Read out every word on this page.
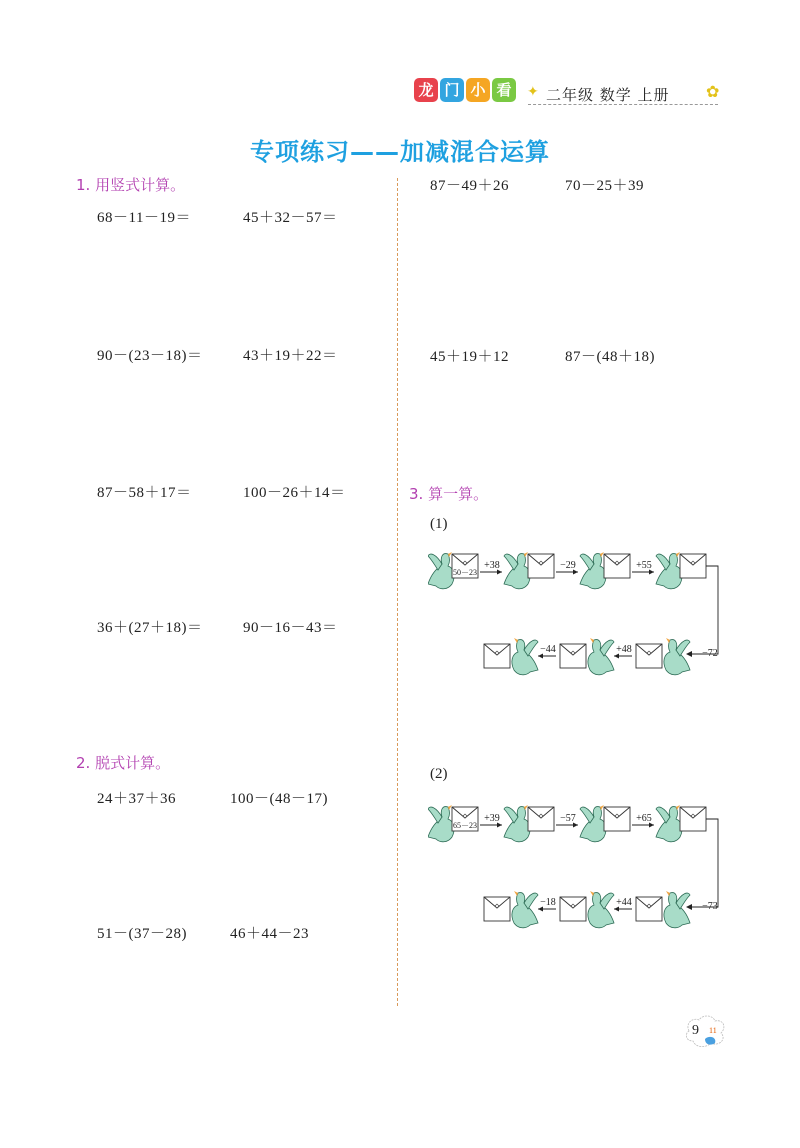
龙 门 小 看	✦ 二年级 数学 上册 ✿
专项练习——加减混合运算
1. 用竖式计算。
68－11－19＝	45＋32－57＝
90－(23－18)＝	43＋19＋22＝
87－58＋17＝	100－26＋14＝
36＋(27＋18)＝	90－16－43＝
2. 脱式计算。
24＋37＋36	100－(48－17)
51－(37－28)	46＋44－23
87－49＋26	70－25＋39
45＋19＋12	87－(48＋18)
3. 算一算。
(1)
50－23
+38	−29	+55
−72
+48
−44
(2)
65－23
+39	−57	+65
−73
+44
−18
9 11
